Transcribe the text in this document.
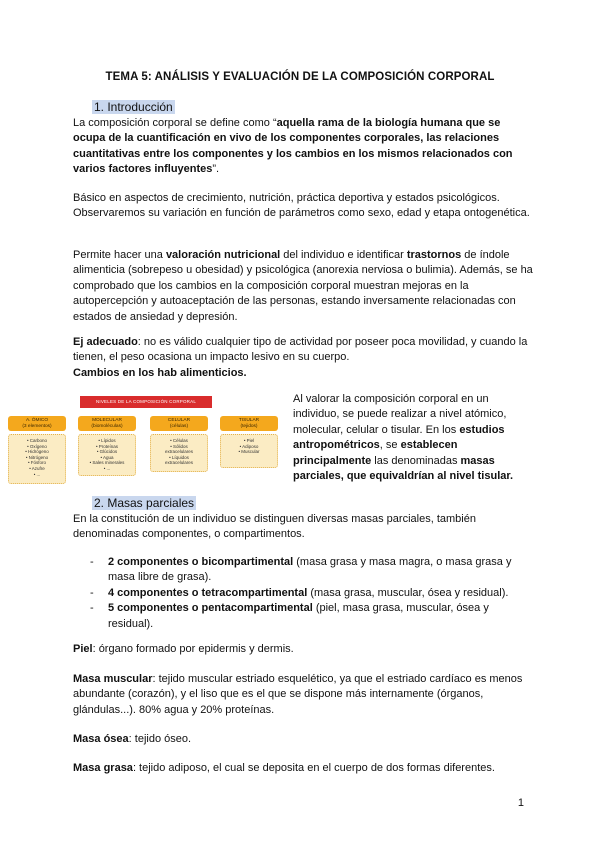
TEMA 5: ANÁLISIS Y EVALUACIÓN DE LA COMPOSICIÓN CORPORAL
1. Introducción
La composición corporal se define como “aquella rama de la biología humana que se ocupa de la cuantificación en vivo de los componentes corporales, las relaciones cuantitativas entre los componentes y los cambios en los mismos relacionados con varios factores influyentes”.
Básico en aspectos de crecimiento, nutrición, práctica deportiva y estados psicológicos. Observaremos su variación en función de parámetros como sexo, edad y etapa ontogenética.
Permite hacer una valoración nutricional del individuo e identificar trastornos de índole alimenticia (sobrepeso u obesidad) y psicológica (anorexia nerviosa o bulimia). Además, se ha comprobado que los cambios en la composición corporal muestran mejoras en la autopercepción y autoaceptación de las personas, estando inversamente relacionadas con estados de ansiedad y depresión.
Ej adecuado: no es válido cualquier tipo de actividad por poseer poca movilidad, y cuando la tienen, el peso ocasiona un impacto lesivo en su cuerpo.
Cambios en los hab alimenticios.
NIVELES DE LA COMPOSICIÓN CORPORAL
A. ÓMICO
(3 elementos)
• Carbono
• Oxígeno
• Hidrógeno
• Nitrógeno
• Fósforo
• Azufre
• ...
MOLECULAR
(biomoléculas)
• Lípidos
• Proteínas
• Glúcidos
• Agua
• Sales minerales
• ...
CELULAR
(células)
• Células
• Sólidos
extracelulares
• Líquidos
extracelulares
TISULAR
(tejidos)
• Piel
• Adiposo
• Muscular
Al valorar la composición corporal en un individuo, se puede realizar a nivel atómico, molecular, celular o tisular. En los estudios antropométricos, se establecen principalmente las denominadas masas parciales, que equivaldrían al nivel tisular.
2. Masas parciales
En la constitución de un individuo se distinguen diversas masas parciales, también denominadas componentes, o compartimentos.
- 2 componentes o bicompartimental (masa grasa y masa magra, o masa grasa y masa libre de grasa).
- 4 componentes o tetracompartimental (masa grasa, muscular, ósea y residual).
- 5 componentes o pentacompartimental (piel, masa grasa, muscular, ósea y residual).
Piel: órgano formado por epidermis y dermis.
Masa muscular: tejido muscular estriado esquelético, ya que el estriado cardíaco es menos abundante (corazón), y el liso que es el que se dispone más internamente (órganos, glándulas...). 80% agua y 20% proteínas.
Masa ósea: tejido óseo.
Masa grasa: tejido adiposo, el cual se deposita en el cuerpo de dos formas diferentes.
1
